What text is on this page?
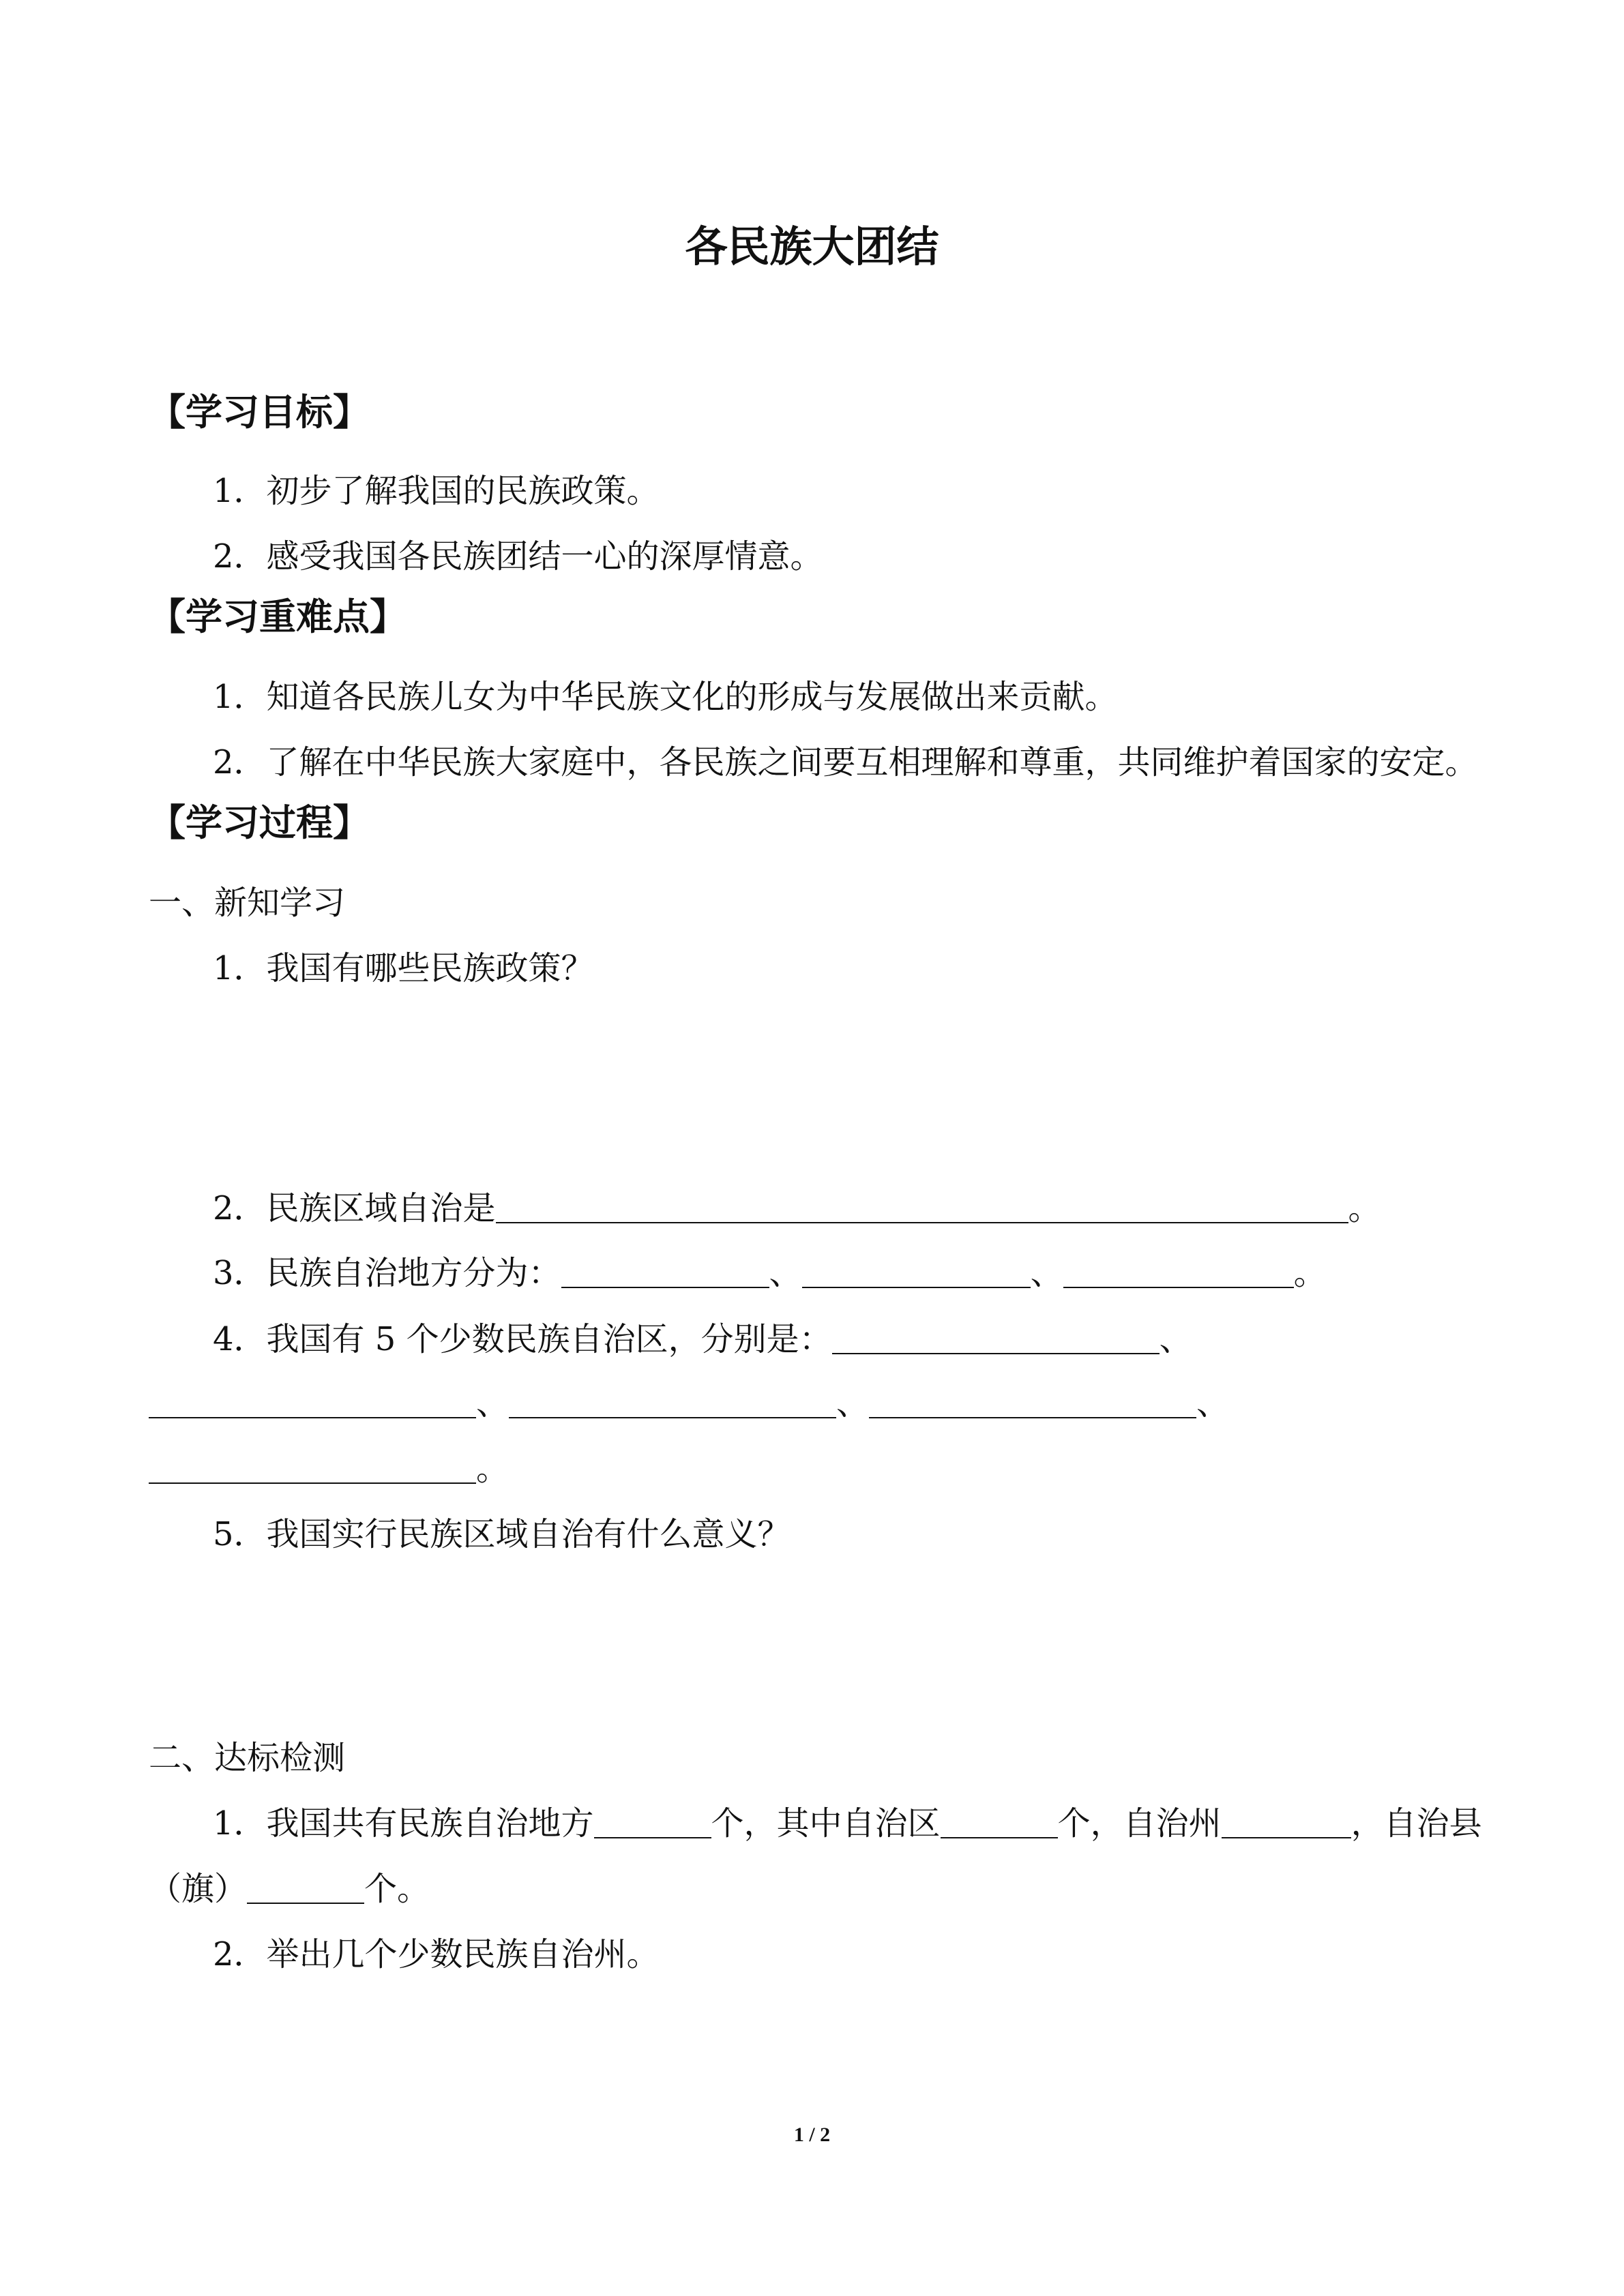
各民族大团结
【学习目标】
1．初步了解我国的民族政策。
2．感受我国各民族团结一心的深厚情意。
【学习重难点】
1．知道各民族儿女为中华民族文化的形成与发展做出来贡献。
2．了解在中华民族大家庭中，各民族之间要互相理解和尊重，共同维护着国家的安定。
【学习过程】
一、新知学习
1．我国有哪些民族政策？
2．民族区域自治是	。
3．民族自治地方分为：	、	、	。
4．我国有 5 个少数民族自治区，分别是：	、
、	、	、
。
5．我国实行民族区域自治有什么意义？
二、达标检测
1．我国共有民族自治地方	个，其中自治区	个，自治州	，自治县
（旗）	个。
2．举出几个少数民族自治州。
1 / 2
